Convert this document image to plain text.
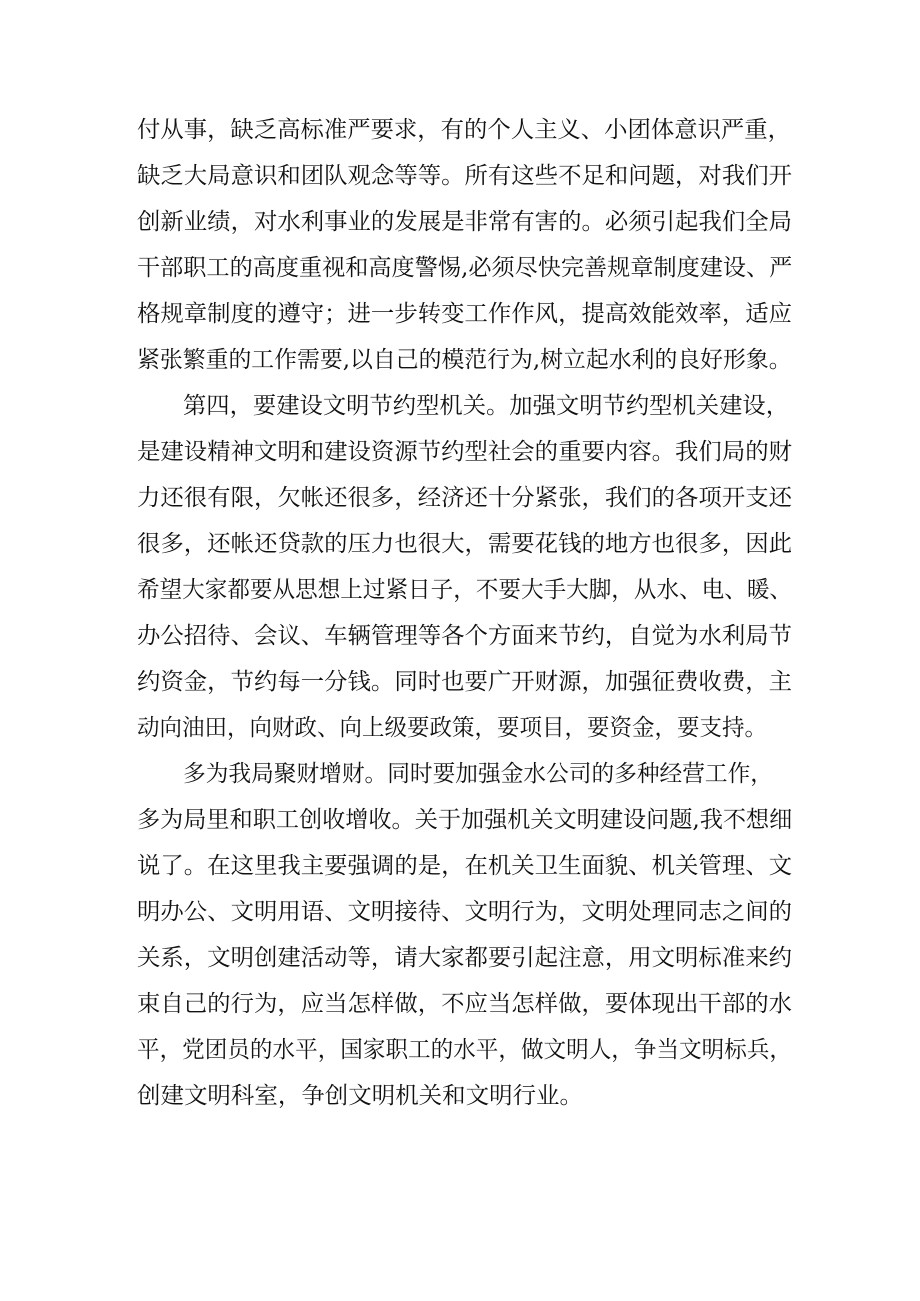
付从事，缺乏高标准严要求，有的个人主义、小团体意识严重，

缺乏大局意识和团队观念等等。所有这些不足和问题，对我们开

创新业绩，对水利事业的发展是非常有害的。必须引起我们全局

干部职工的高度重视和高度警惕,必须尽快完善规章制度建设、严

格规章制度的遵守；进一步转变工作作风，提高效能效率，适应

紧张繁重的工作需要,以自己的模范行为,树立起水利的良好形象。

第四，要建设文明节约型机关。加强文明节约型机关建设，

是建设精神文明和建设资源节约型社会的重要内容。我们局的财

力还很有限，欠帐还很多，经济还十分紧张，我们的各项开支还

很多，还帐还贷款的压力也很大，需要花钱的地方也很多，因此

希望大家都要从思想上过紧日子，不要大手大脚，从水、电、暖、

办公招待、会议、车辆管理等各个方面来节约，自觉为水利局节

约资金，节约每一分钱。同时也要广开财源，加强征费收费，主

动向油田，向财政、向上级要政策，要项目，要资金，要支持。

多为我局聚财增财。同时要加强金水公司的多种经营工作，

多为局里和职工创收增收。关于加强机关文明建设问题,我不想细

说了。在这里我主要强调的是，在机关卫生面貌、机关管理、文

明办公、文明用语、文明接待、文明行为，文明处理同志之间的

关系，文明创建活动等，请大家都要引起注意，用文明标准来约

束自己的行为，应当怎样做，不应当怎样做，要体现出干部的水

平，党团员的水平，国家职工的水平，做文明人，争当文明标兵，

创建文明科室，争创文明机关和文明行业。
